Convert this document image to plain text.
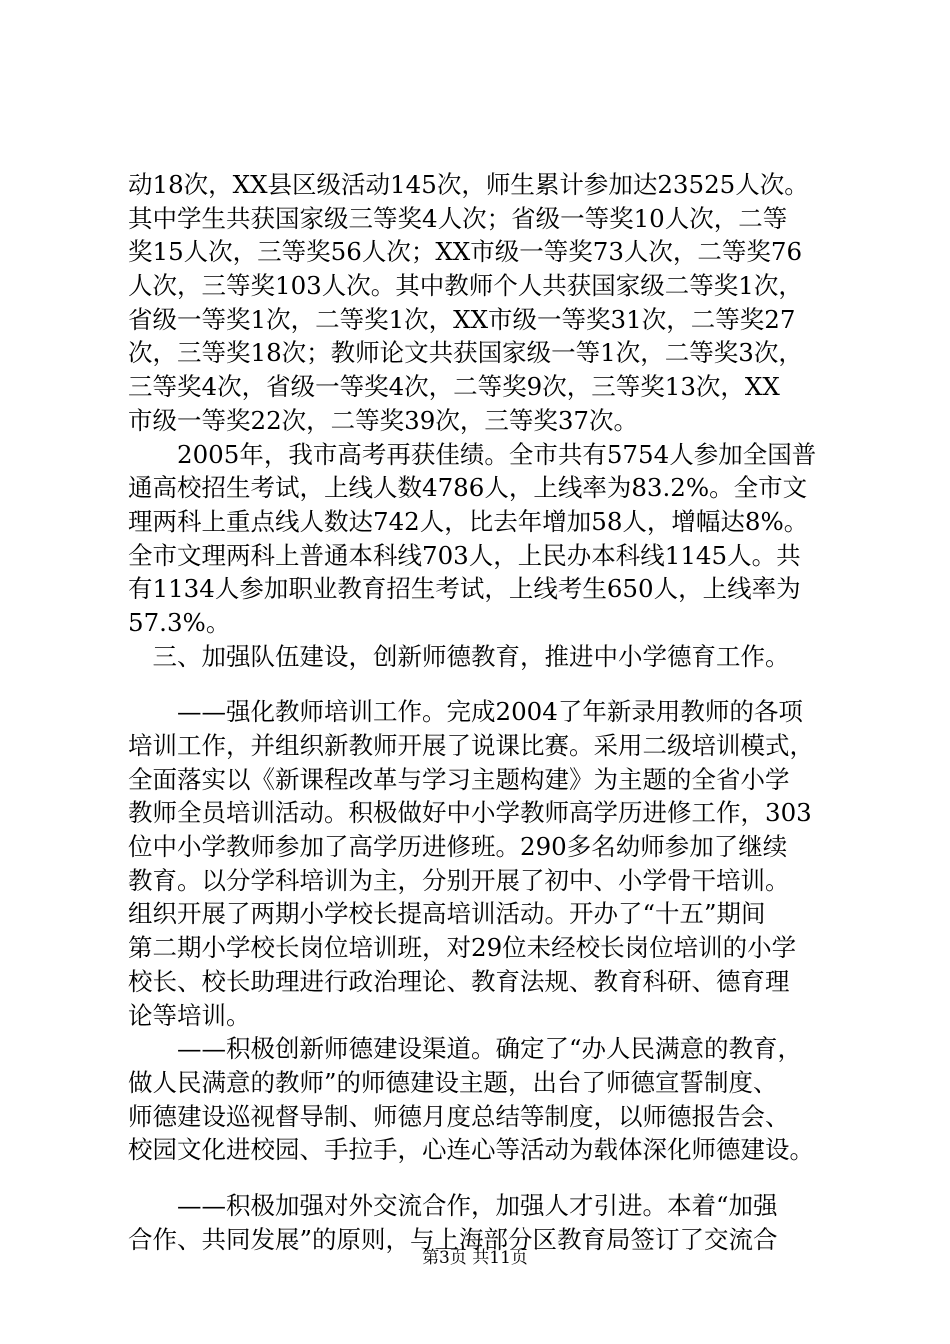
动18次，XX县区级活动145次，师生累计参加达23525人次。
其中学生共获国家级三等奖4人次；省级一等奖10人次，二等
奖15人次，三等奖56人次；XX市级一等奖73人次，二等奖76
人次，三等奖103人次。其中教师个人共获国家级二等奖1次，
省级一等奖1次，二等奖1次，XX市级一等奖31次，二等奖27
次，三等奖18次；教师论文共获国家级一等1次，二等奖3次，
三等奖4次，省级一等奖4次，二等奖9次，三等奖13次，XX
市级一等奖22次，二等奖39次，三等奖37次。
　　2005年，我市高考再获佳绩。全市共有5754人参加全国普
通高校招生考试，上线人数4786人，上线率为83.2%。全市文
理两科上重点线人数达742人，比去年增加58人，增幅达8%。
全市文理两科上普通本科线703人，上民办本科线1145人。共
有1134人参加职业教育招生考试，上线考生650人，上线率为
57.3%。
　三、加强队伍建设，创新师德教育，推进中小学德育工作。
　　——强化教师培训工作。完成2004了年新录用教师的各项
培训工作，并组织新教师开展了说课比赛。采用二级培训模式，
全面落实以《新课程改革与学习主题构建》为主题的全省小学
教师全员培训活动。积极做好中小学教师高学历进修工作，303
位中小学教师参加了高学历进修班。290多名幼师参加了继续
教育。以分学科培训为主，分别开展了初中、小学骨干培训。
组织开展了两期小学校长提高培训活动。开办了“十五”期间
第二期小学校长岗位培训班，对29位未经校长岗位培训的小学
校长、校长助理进行政治理论、教育法规、教育科研、德育理
论等培训。
　　——积极创新师德建设渠道。确定了“办人民满意的教育，
做人民满意的教师”的师德建设主题，出台了师德宣誓制度、
师德建设巡视督导制、师德月度总结等制度，以师德报告会、
校园文化进校园、手拉手，心连心等活动为载体深化师德建设。
　　——积极加强对外交流合作，加强人才引进。本着“加强
合作、共同发展”的原则，与上海部分区教育局签订了交流合
第3页 共11页
